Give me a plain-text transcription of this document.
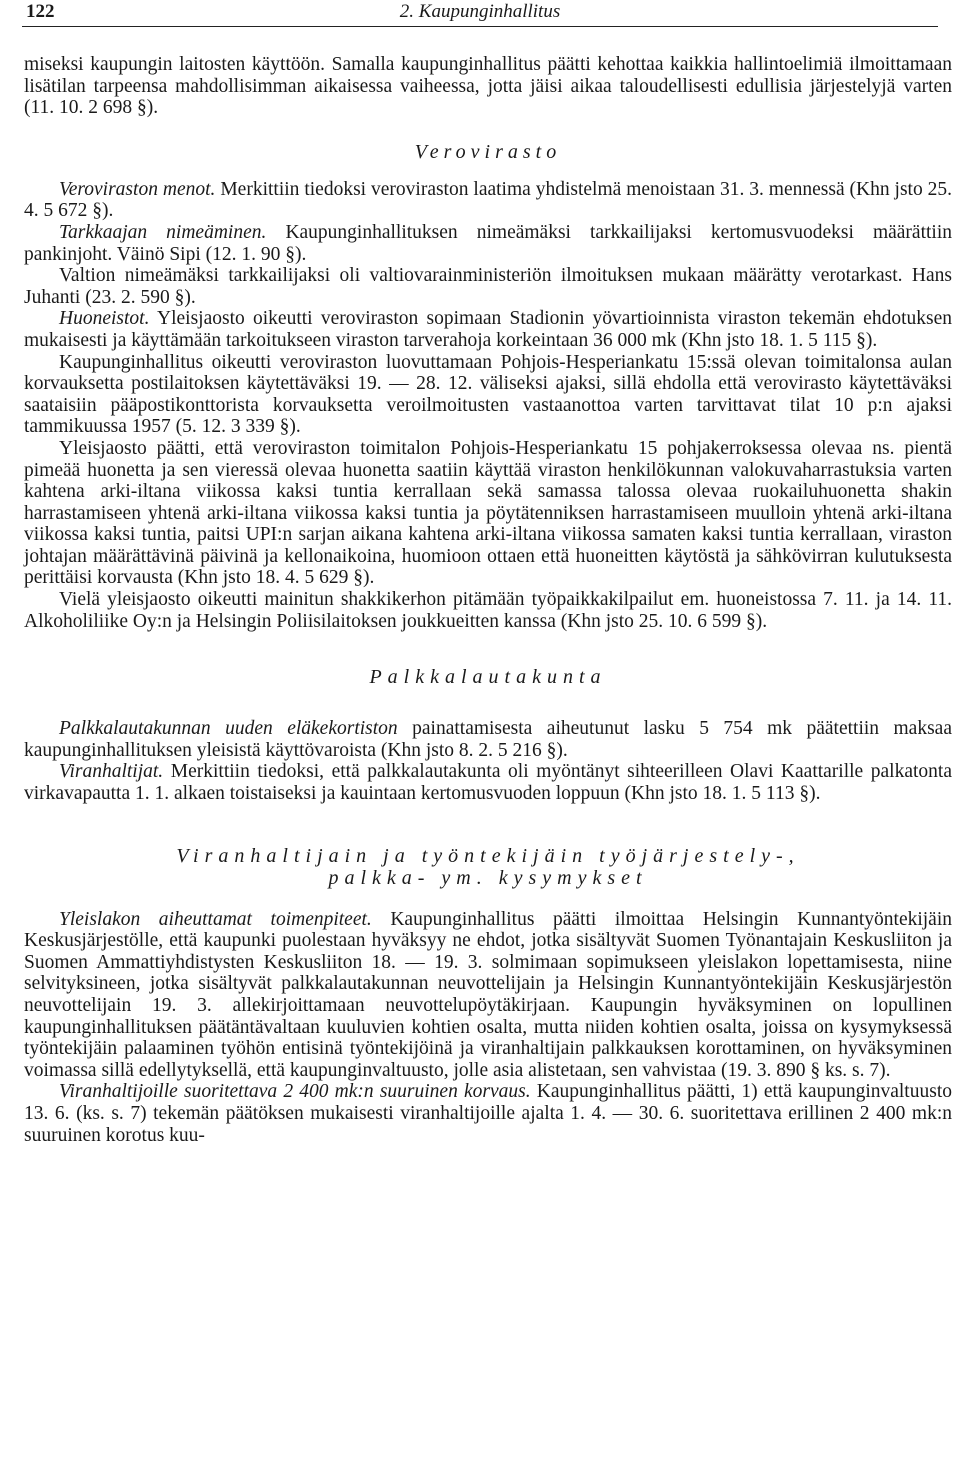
122	2. Kaupunginhallitus

miseksi kaupungin laitosten käyttöön. Samalla kaupunginhallitus päätti kehottaa kaikkia hallintoelimiä ilmoittamaan lisätilan tarpeensa mahdollisimman aikaisessa vaiheessa, jotta jäisi aikaa taloudellisesti edullisia järjestelyjä varten (11. 10. 2 698 §).

Verovirasto

Veroviraston menot. Merkittiin tiedoksi veroviraston laatima yhdistelmä menoistaan 31. 3. mennessä (Khn jsto 25. 4. 5 672 §).

Tarkkaajan nimeäminen. Kaupunginhallituksen nimeämäksi tarkkailijaksi kertomusvuodeksi määrättiin pankinjoht. Väinö Sipi (12. 1. 90 §).

Valtion nimeämäksi tarkkailijaksi oli valtiovarainministeriön ilmoituksen mukaan määrätty verotarkast. Hans Juhanti (23. 2. 590 §).

Huoneistot. Yleisjaosto oikeutti veroviraston sopimaan Stadionin yövartioinnista viraston tekemän ehdotuksen mukaisesti ja käyttämään tarkoitukseen viraston tarverahoja korkeintaan 36 000 mk (Khn jsto 18. 1. 5 115 §).

Kaupunginhallitus oikeutti veroviraston luovuttamaan Pohjois-Hesperiankatu 15:ssä olevan toimitalonsa aulan korvauksetta postilaitoksen käytettäväksi 19. — 28. 12. väliseksi ajaksi, sillä ehdolla että verovirasto käytettäväksi saataisiin pääpostikonttorista korvauksetta veroilmoitusten vastaanottoa varten tarvittavat tilat 10 p:n ajaksi tammikuussa 1957 (5. 12. 3 339 §).

Yleisjaosto päätti, että veroviraston toimitalon Pohjois-Hesperiankatu 15 pohjakerroksessa olevaa ns. pientä pimeää huonetta ja sen vieressä olevaa huonetta saatiin käyttää viraston henkilökunnan valokuvaharrastuksia varten kahtena arki-iltana viikossa kaksi tuntia kerrallaan sekä samassa talossa olevaa ruokailuhuonetta shakin harrastamiseen yhtenä arki-iltana viikossa kaksi tuntia ja pöytätenniksen harrastamiseen muulloin yhtenä arki-iltana viikossa kaksi tuntia, paitsi UPI:n sarjan aikana kahtena arki-iltana viikossa samaten kaksi tuntia kerrallaan, viraston johtajan määrättävinä päivinä ja kellonaikoina, huomioon ottaen että huoneitten käytöstä ja sähkövirran kulutuksesta perittäisi korvausta (Khn jsto 18. 4. 5 629 §).

Vielä yleisjaosto oikeutti mainitun shakkikerhon pitämään työpaikkakilpailut em. huoneistossa 7. 11. ja 14. 11. Alkoholiliike Oy:n ja Helsingin Poliisilaitoksen joukkueitten kanssa (Khn jsto 25. 10. 6 599 §).

Palkkalautakunta

Palkkalautakunnan uuden eläkekortiston painattamisesta aiheutunut lasku 5 754 mk päätettiin maksaa kaupunginhallituksen yleisistä käyttövaroista (Khn jsto 8. 2. 5 216 §).

Viranhaltijat. Merkittiin tiedoksi, että palkkalautakunta oli myöntänyt sihteerilleen Olavi Kaattarille palkatonta virkavapautta 1. 1. alkaen toistaiseksi ja kauintaan kertomusvuoden loppuun (Khn jsto 18. 1. 5 113 §).

Viranhaltijain ja työntekijäin työjärjestely-,
palkka- ym. kysymykset

Yleislakon aiheuttamat toimenpiteet. Kaupunginhallitus päätti ilmoittaa Helsingin Kunnantyöntekijäin Keskusjärjestölle, että kaupunki puolestaan hyväksyy ne ehdot, jotka sisältyvät Suomen Työnantajain Keskusliiton ja Suomen Ammattiyhdistysten Keskusliiton 18. — 19. 3. solmimaan sopimukseen yleislakon lopettamisesta, niine selvityksineen, jotka sisältyvät palkkalautakunnan neuvottelijain ja Helsingin Kunnantyöntekijäin Keskusjärjestön neuvottelijain 19. 3. allekirjoittamaan neuvottelupöytäkirjaan. Kaupungin hyväksyminen on lopullinen kaupunginhallituksen päätäntävaltaan kuuluvien kohtien osalta, mutta niiden kohtien osalta, joissa on kysymyksessä työntekijäin palaaminen työhön entisinä työntekijöinä ja viranhaltijain palkkauksen korottaminen, on hyväksyminen voimassa sillä edellytyksellä, että kaupunginvaltuusto, jolle asia alistetaan, sen vahvistaa (19. 3. 890 § ks. s. 7).

Viranhaltijoille suoritettava 2 400 mk:n suuruinen korvaus. Kaupunginhallitus päätti, 1) että kaupunginvaltuusto 13. 6. (ks. s. 7) tekemän päätöksen mukaisesti viranhaltijoille ajalta 1. 4. — 30. 6. suoritettava erillinen 2 400 mk:n suuruinen korotus kuu-
